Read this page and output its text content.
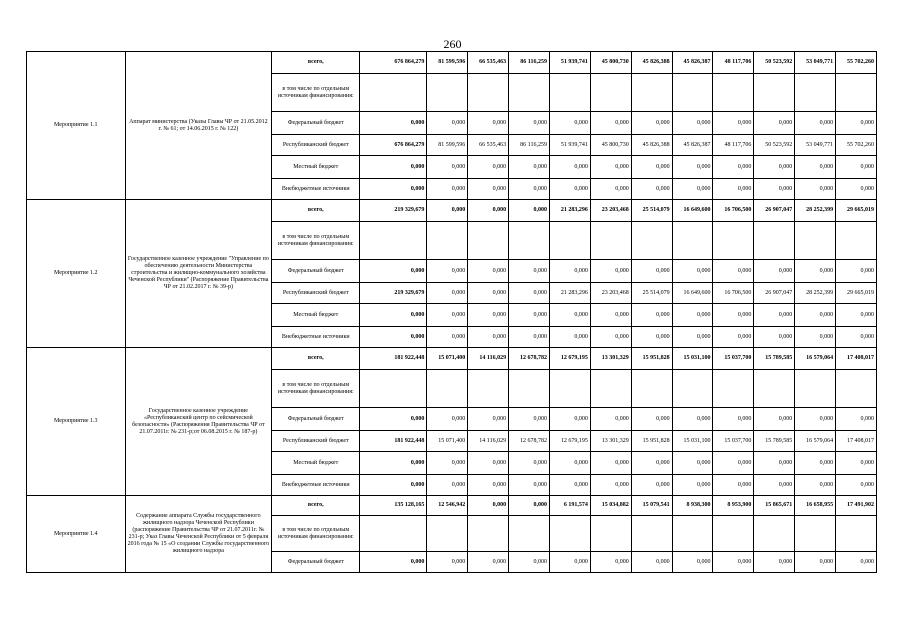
260
Мероприятие 1.1	Аппарат министерства (Указы Главы ЧР от 21.05.2012 г. № 61; от 14.06.2015 г. № 122)	всего,	676 864,279	81 599,596	66 535,463	86 116,259	51 939,741	45 800,730	45 826,388	45 826,387	48 117,706	50 523,592	53 049,771	55 702,260
		в том числе по отдельным источникам финансирования:												
		Федеральный бюджет	0,000	0,000	0,000	0,000	0,000	0,000	0,000	0,000	0,000	0,000	0,000	0,000
		Республиканский бюджет	676 864,279	81 599,596	66 535,463	86 116,259	51 939,741	45 800,730	45 826,388	45 826,387	48 117,706	50 523,592	53 049,771	55 702,260
		Местный бюджет	0,000	0,000	0,000	0,000	0,000	0,000	0,000	0,000	0,000	0,000	0,000	0,000
		Внебюджетные источники	0,000	0,000	0,000	0,000	0,000	0,000	0,000	0,000	0,000	0,000	0,000	0,000
Мероприятие 1.2	Государственное казенное учреждение "Управление по обеспечению деятельности Министерства строительства и жилищно-коммунального хозяйства Чеченской Республики" (Распоряжение Правительства ЧР от 21.02.2017 г. № 39-р)	всего,	219 329,679	0,000	0,000	0,000	21 283,296	23 203,468	25 514,079	16 649,600	16 706,500	26 907,047	28 252,399	29 665,019
		в том числе по отдельным источникам финансирования:												
		Федеральный бюджет	0,000	0,000	0,000	0,000	0,000	0,000	0,000	0,000	0,000	0,000	0,000	0,000
		Республиканский бюджет	219 329,679	0,000	0,000	0,000	21 283,296	23 203,468	25 514,079	16 649,600	16 706,500	26 907,047	28 252,399	29 665,019
		Местный бюджет	0,000	0,000	0,000	0,000	0,000	0,000	0,000	0,000	0,000	0,000	0,000	0,000
		Внебюджетные источники	0,000	0,000	0,000	0,000	0,000	0,000	0,000	0,000	0,000	0,000	0,000	0,000
Мероприятие 1.3	Государственное казенное учреждение «Республиканский центр по сейсмической безопасности» (Распоряжения Правительства ЧР от 21.07.2011г. № 231-р;от 06.08.2015 г. № 187-р)	всего,	181 922,448	15 071,400	14 116,029	12 678,782	12 679,195	13 301,329	15 951,828	15 031,100	15 037,700	15 789,585	16 579,064	17 408,017
		в том числе по отдельным источникам финансирования:												
		Федеральный бюджет	0,000	0,000	0,000	0,000	0,000	0,000	0,000	0,000	0,000	0,000	0,000	0,000
		Республиканский бюджет	181 922,448	15 071,400	14 116,029	12 678,782	12 679,195	13 301,329	15 951,828	15 031,100	15 037,700	15 789,585	16 579,064	17 408,017
		Местный бюджет	0,000	0,000	0,000	0,000	0,000	0,000	0,000	0,000	0,000	0,000	0,000	0,000
		Внебюджетные источники	0,000	0,000	0,000	0,000	0,000	0,000	0,000	0,000	0,000	0,000	0,000	0,000
Мероприятие 1.4	Содержание аппарата Службы государственного жилищного надзора Чеченской Республики (распоряжение Правительства ЧР от 21.07.2011г. № 231-р; Указ Главы Чеченской Республики от 5 февраля 2016 года № 15 «О создании Службы государственного жилищного надзора	всего,	135 128,165	12 546,942	0,000	0,000	6 191,574	15 034,882	15 079,541	8 938,300	8 953,900	15 865,671	16 658,955	17 491,902
		в том числе по отдельным источникам финансирования:												
		Федеральный бюджет	0,000	0,000	0,000	0,000	0,000	0,000	0,000	0,000	0,000	0,000	0,000	0,000
